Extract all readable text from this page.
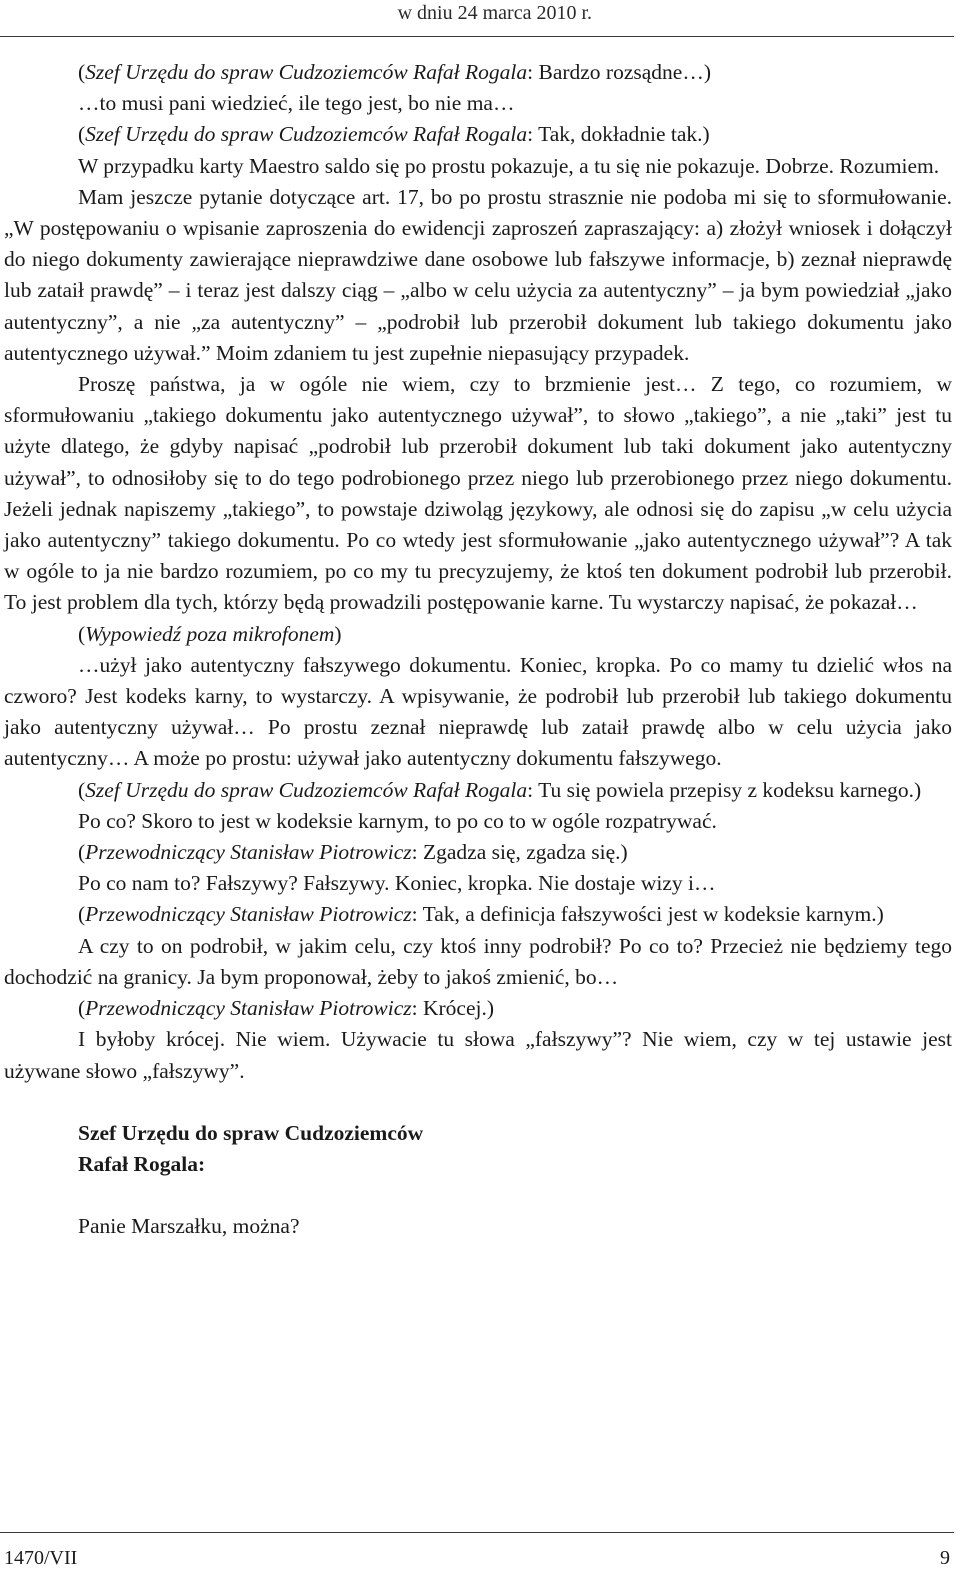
w dniu 24 marca 2010 r.

(Szef Urzędu do spraw Cudzoziemców Rafał Rogala: Bardzo rozsądne…)

…to musi pani wiedzieć, ile tego jest, bo nie ma…

(Szef Urzędu do spraw Cudzoziemców Rafał Rogala: Tak, dokładnie tak.)

W przypadku karty Maestro saldo się po prostu pokazuje, a tu się nie pokazuje. Dobrze. Rozumiem.

Mam jeszcze pytanie dotyczące art. 17, bo po prostu strasznie nie podoba mi się to sformułowanie. „W postępowaniu o wpisanie zaproszenia do ewidencji zaproszeń zapraszający: a) złożył wniosek i dołączył do niego dokumenty zawierające nieprawdziwe dane osobowe lub fałszywe informacje, b) zeznał nieprawdę lub zataił prawdę” – i teraz jest dalszy ciąg – „albo w celu użycia za autentyczny” – ja bym powiedział „jako autentyczny”, a nie „za autentyczny” – „podrobił lub przerobił dokument lub takiego dokumentu jako autentycznego używał.” Moim zdaniem tu jest zupełnie niepasujący przypadek.

Proszę państwa, ja w ogóle nie wiem, czy to brzmienie jest… Z tego, co rozumiem, w sformułowaniu „takiego dokumentu jako autentycznego używał”, to słowo „takiego”, a nie „taki” jest tu użyte dlatego, że gdyby napisać „podrobił lub przerobił dokument lub taki dokument jako autentyczny używał”, to odnosiłoby się to do tego podrobionego przez niego lub przerobionego przez niego dokumentu. Jeżeli jednak napiszemy „takiego”, to powstaje dziwoląg językowy, ale odnosi się do zapisu „w celu użycia jako autentyczny” takiego dokumentu. Po co wtedy jest sformułowanie „jako autentycznego używał”? A tak w ogóle to ja nie bardzo rozumiem, po co my tu precyzujemy, że ktoś ten dokument podrobił lub przerobił. To jest problem dla tych, którzy będą prowadzili postępowanie karne. Tu wystarczy napisać, że pokazał…

(Wypowiedź poza mikrofonem)

…użył jako autentyczny fałszywego dokumentu. Koniec, kropka. Po co mamy tu dzielić włos na czworo? Jest kodeks karny, to wystarczy. A wpisywanie, że podrobił lub przerobił lub takiego dokumentu jako autentyczny używał… Po prostu zeznał nieprawdę lub zataił prawdę albo w celu użycia jako autentyczny… A może po prostu: używał jako autentyczny dokumentu fałszywego.

(Szef Urzędu do spraw Cudzoziemców Rafał Rogala: Tu się powiela przepisy z kodeksu karnego.)

Po co? Skoro to jest w kodeksie karnym, to po co to w ogóle rozpatrywać.

(Przewodniczący Stanisław Piotrowicz: Zgadza się, zgadza się.)

Po co nam to? Fałszywy? Fałszywy. Koniec, kropka. Nie dostaje wizy i…

(Przewodniczący Stanisław Piotrowicz: Tak, a definicja fałszywości jest w kodeksie karnym.)

A czy to on podrobił, w jakim celu, czy ktoś inny podrobił? Po co to? Przecież nie będziemy tego dochodzić na granicy. Ja bym proponował, żeby to jakoś zmienić, bo…

(Przewodniczący Stanisław Piotrowicz: Krócej.)

I byłoby krócej. Nie wiem. Używacie tu słowa „fałszywy”? Nie wiem, czy w tej ustawie jest używane słowo „fałszywy”.

Szef Urzędu do spraw Cudzoziemców
Rafał Rogala:

Panie Marszałku, można?

1470/VII	9
